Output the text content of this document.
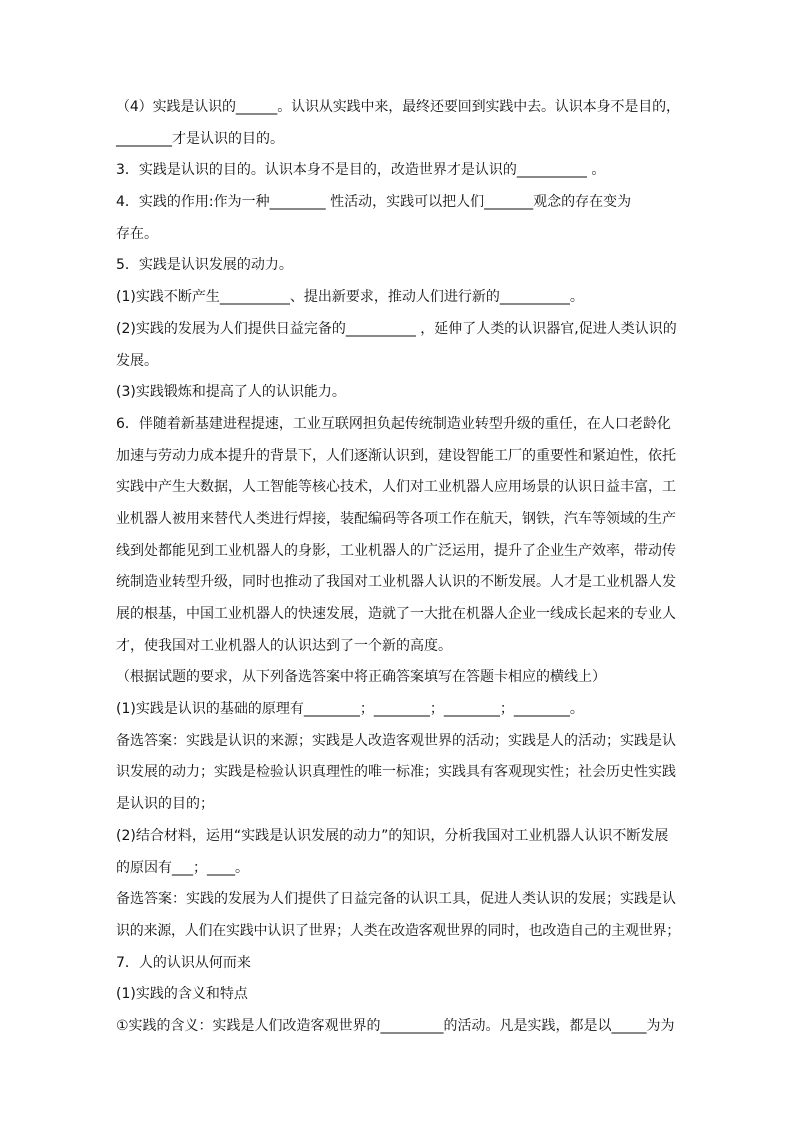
（4）实践是认识的______。认识从实践中来，最终还要回到实践中去。认识本身不是目的，
________才是认识的目的。
3．实践是认识的目的。认识本身不是目的，改造世界才是认识的__________ 。
4．实践的作用:作为一种________ 性活动，实践可以把人们_______观念的存在变为
存在。
5．实践是认识发展的动力。
(1)实践不断产生__________、提出新要求，推动人们进行新的__________。
(2)实践的发展为人们提供日益完备的__________ ，延伸了人类的认识器官,促进人类认识的
发展。
(3)实践锻炼和提高了人的认识能力。
6．伴随着新基建进程提速，工业互联网担负起传统制造业转型升级的重任，在人口老龄化
加速与劳动力成本提升的背景下，人们逐渐认识到，建设智能工厂的重要性和紧迫性，依托
实践中产生大数据，人工智能等核心技术，人们对工业机器人应用场景的认识日益丰富，工
业机器人被用来替代人类进行焊接，装配编码等各项工作在航天，钢铁，汽车等领域的生产
线到处都能见到工业机器人的身影，工业机器人的广泛运用，提升了企业生产效率，带动传
统制造业转型升级，同时也推动了我国对工业机器人认识的不断发展。人才是工业机器人发
展的根基，中国工业机器人的快速发展，造就了一大批在机器人企业一线成长起来的专业人
才，使我国对工业机器人的认识达到了一个新的高度。
（根据试题的要求，从下列备选答案中将正确答案填写在答题卡相应的横线上）
(1)实践是认识的基础的原理有________；________；________；________。
备选答案：实践是认识的来源；实践是人改造客观世界的活动；实践是人的活动；实践是认
识发展的动力；实践是检验认识真理性的唯一标准；实践具有客观现实性；社会历史性实践
是认识的目的；
(2)结合材料，运用“实践是认识发展的动力”的知识，分析我国对工业机器人认识不断发展
的原因有___；____。
备选答案：实践的发展为人们提供了日益完备的认识工具，促进人类认识的发展；实践是认
识的来源，人们在实践中认识了世界；人类在改造客观世界的同时，也改造自己的主观世界；
7．人的认识从何而来
(1)实践的含义和特点
①实践的含义：实践是人们改造客观世界的_________的活动。凡是实践，都是以_____为为
